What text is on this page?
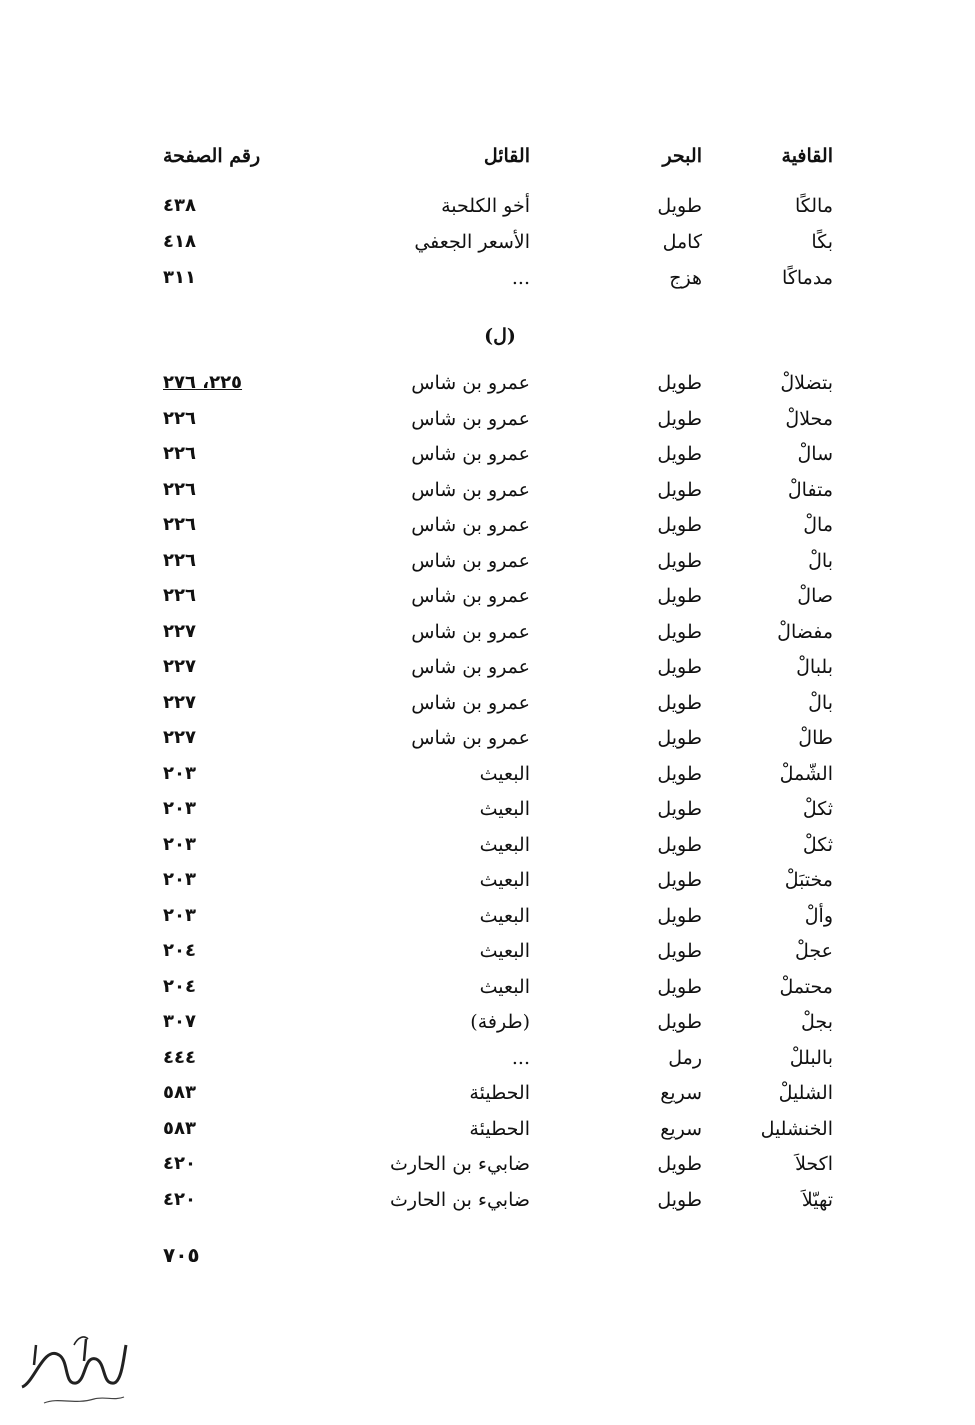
القافية
البحر
القائل
رقم الصفحة
مالكًا
طويل
أخو الكلحبة
٤٣٨
بكًا
كامل
الأسعر الجعفي
٤١٨
مدماكًا
هزج
...
٣١١
(ل)
بتضلالْ
طويل
عمرو بن شاس
٢٢٥، ٢٧٦
محلالْ
طويل
عمرو بن شاس
٢٢٦
سالْ
طويل
عمرو بن شاس
٢٢٦
متفالْ
طويل
عمرو بن شاس
٢٢٦
مالْ
طويل
عمرو بن شاس
٢٢٦
بالْ
طويل
عمرو بن شاس
٢٢٦
صالْ
طويل
عمرو بن شاس
٢٢٦
مفضالْ
طويل
عمرو بن شاس
٢٢٧
بلبالْ
طويل
عمرو بن شاس
٢٢٧
بالْ
طويل
عمرو بن شاس
٢٢٧
طالْ
طويل
عمرو بن شاس
٢٢٧
الشّملْ
طويل
البعيث
٢٠٣
ثكلْ
طويل
البعيث
٢٠٣
ثكلْ
طويل
البعيث
٢٠٣
مختبَلْ
طويل
البعيث
٢٠٣
وألْ
طويل
البعيث
٢٠٣
عجلْ
طويل
البعيث
٢٠٤
محتملْ
طويل
البعيث
٢٠٤
بجلْ
طويل
(طرفة)
٣٠٧
بالبللْ
رمل
...
٤٤٤
الشليلْ
سريع
الحطيئة
٥٨٣
الخنشليل
سريع
الحطيئة
٥٨٣
اكحلاَ
طويل
ضابيء بن الحارث
٤٢٠
تهيّلاَ
طويل
ضابيء بن الحارث
٤٢٠
٧٠٥
